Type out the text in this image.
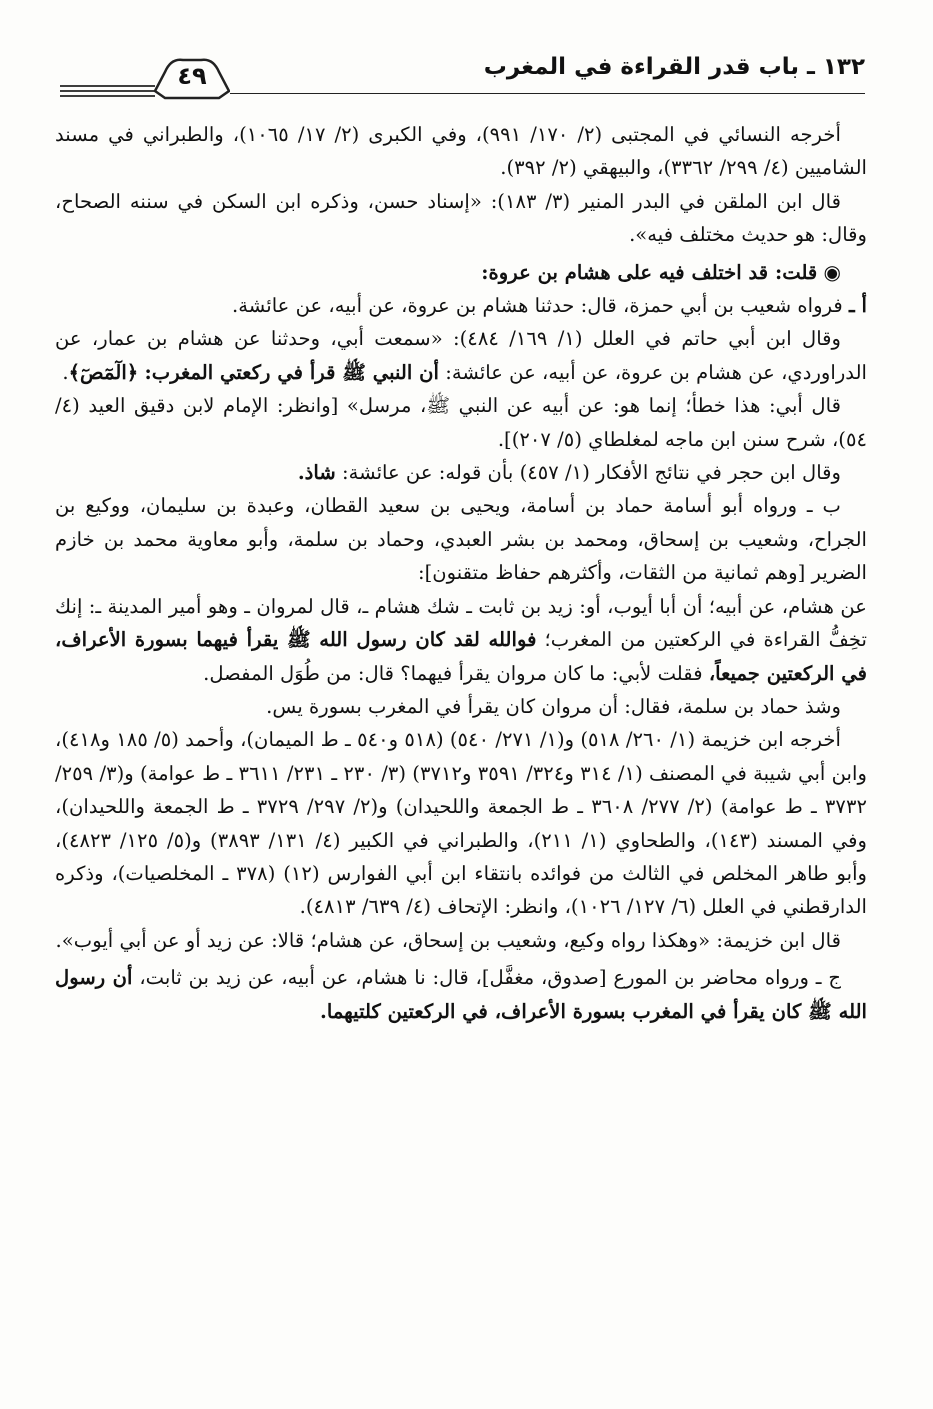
١٣٢ ـ باب قدر القراءة في المغرب
٤٩

أخرجه النسائي في المجتبى (٢/ ١٧٠/ ٩٩١)، وفي الكبرى (٢/ ١٧/ ١٠٦٥)، والطبراني في مسند الشاميين (٤/ ٢٩٩/ ٣٣٦٢)، والبيهقي (٢/ ٣٩٢).

قال ابن الملقن في البدر المنير (٣/ ١٨٣): «إسناد حسن، وذكره ابن السكن في سننه الصحاح، وقال: هو حديث مختلف فيه».

◉ قلت: قد اختلف فيه على هشام بن عروة:

أ ـ فرواه شعيب بن أبي حمزة، قال: حدثنا هشام بن عروة، عن أبيه، عن عائشة.

وقال ابن أبي حاتم في العلل (١/ ١٦٩/ ٤٨٤): «سمعت أبي، وحدثنا عن هشام بن عمار، عن الدراوردي، عن هشام بن عروة، عن أبيه، عن عائشة: أن النبي ﷺ قرأ في ركعتي المغرب: ﴿الٓمٓصٓ﴾.

قال أبي: هذا خطأ؛ إنما هو: عن أبيه عن النبي ﷺ، مرسل» [وانظر: الإمام لابن دقيق العيد (٤/ ٥٤)، شرح سنن ابن ماجه لمغلطاي (٥/ ٢٠٧)].

وقال ابن حجر في نتائج الأفكار (١/ ٤٥٧) بأن قوله: عن عائشة: شاذ.

ب ـ ورواه أبو أسامة حماد بن أسامة، ويحيى بن سعيد القطان، وعبدة بن سليمان، ووكيع بن الجراح، وشعيب بن إسحاق، ومحمد بن بشر العبدي، وحماد بن سلمة، وأبو معاوية محمد بن خازم الضرير [وهم ثمانية من الثقات، وأكثرهم حفاظ متقنون]:

عن هشام، عن أبيه؛ أن أبا أيوب، أو: زيد بن ثابت ـ شك هشام ـ، قال لمروان ـ وهو أمير المدينة ـ: إنك تخِفُّ القراءة في الركعتين من المغرب؛ فوالله لقد كان رسول الله ﷺ يقرأ فيهما بسورة الأعراف، في الركعتين جميعاً، فقلت لأبي: ما كان مروان يقرأ فيهما؟ قال: من طُوَل المفصل.

وشذ حماد بن سلمة، فقال: أن مروان كان يقرأ في المغرب بسورة يس.

أخرجه ابن خزيمة (١/ ٢٦٠/ ٥١٨) و(١/ ٢٧١/ ٥٤٠) (٥١٨ و٥٤٠ ـ ط الميمان)، وأحمد (٥/ ١٨٥ و٤١٨)، وابن أبي شيبة في المصنف (١/ ٣١٤ و٣٢٤/ ٣٥٩١ و٣٧١٢) (٣/ ٢٣٠ ـ ٢٣١/ ٣٦١١ ـ ط عوامة) و(٣/ ٢٥٩/ ٣٧٣٢ ـ ط عوامة) (٢/ ٢٧٧/ ٣٦٠٨ ـ ط الجمعة واللحيدان) و(٢/ ٢٩٧/ ٣٧٢٩ ـ ط الجمعة واللحيدان)، وفي المسند (١٤٣)، والطحاوي (١/ ٢١١)، والطبراني في الكبير (٤/ ١٣١/ ٣٨٩٣) و(٥/ ١٢٥/ ٤٨٢٣)، وأبو طاهر المخلص في الثالث من فوائده بانتقاء ابن أبي الفوارس (١٢) (٣٧٨ ـ المخلصيات)، وذكره الدارقطني في العلل (٦/ ١٢٧/ ١٠٢٦)، وانظر: الإتحاف (٤/ ٦٣٩/ ٤٨١٣).

قال ابن خزيمة: «وهكذا رواه وكيع، وشعيب بن إسحاق، عن هشام؛ قالا: عن زيد أو عن أبي أيوب».

ج ـ ورواه محاضر بن المورع [صدوق، مغفَّل]، قال: نا هشام، عن أبيه، عن زيد بن ثابت، أن رسول الله ﷺ كان يقرأ في المغرب بسورة الأعراف، في الركعتين كلتيهما.
